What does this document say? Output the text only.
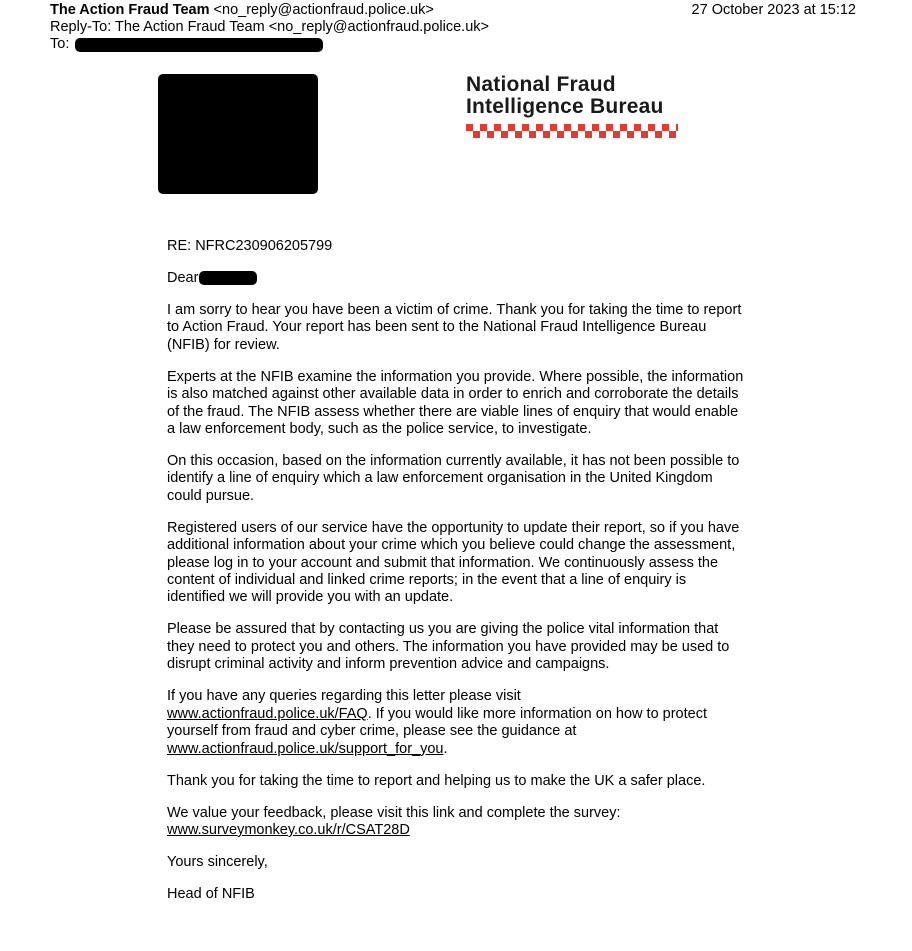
The Action Fraud Team <no_reply@actionfraud.police.uk>	27 October 2023 at 15:12
Reply-To: The Action Fraud Team <no_reply@actionfraud.police.uk>
To:
National Fraud
Intelligence Bureau

RE: NFRC230906205799

Dear

I am sorry to hear you have been a victim of crime. Thank you for taking the time to report to Action Fraud. Your report has been sent to the National Fraud Intelligence Bureau (NFIB) for review.

Experts at the NFIB examine the information you provide. Where possible, the information is also matched against other available data in order to enrich and corroborate the details of the fraud. The NFIB assess whether there are viable lines of enquiry that would enable a law enforcement body, such as the police service, to investigate.

On this occasion, based on the information currently available, it has not been possible to identify a line of enquiry which a law enforcement organisation in the United Kingdom could pursue.

Registered users of our service have the opportunity to update their report, so if you have additional information about your crime which you believe could change the assessment, please log in to your account and submit that information. We continuously assess the content of individual and linked crime reports; in the event that a line of enquiry is identified we will provide you with an update.

Please be assured that by contacting us you are giving the police vital information that they need to protect you and others. The information you have provided may be used to disrupt criminal activity and inform prevention advice and campaigns.

If you have any queries regarding this letter please visit
www.actionfraud.police.uk/FAQ. If you would like more information on how to protect yourself from fraud and cyber crime, please see the guidance at
www.actionfraud.police.uk/support_for_you.

Thank you for taking the time to report and helping us to make the UK a safer place.

We value your feedback, please visit this link and complete the survey:
www.surveymonkey.co.uk/r/CSAT28D

Yours sincerely,

Head of NFIB
